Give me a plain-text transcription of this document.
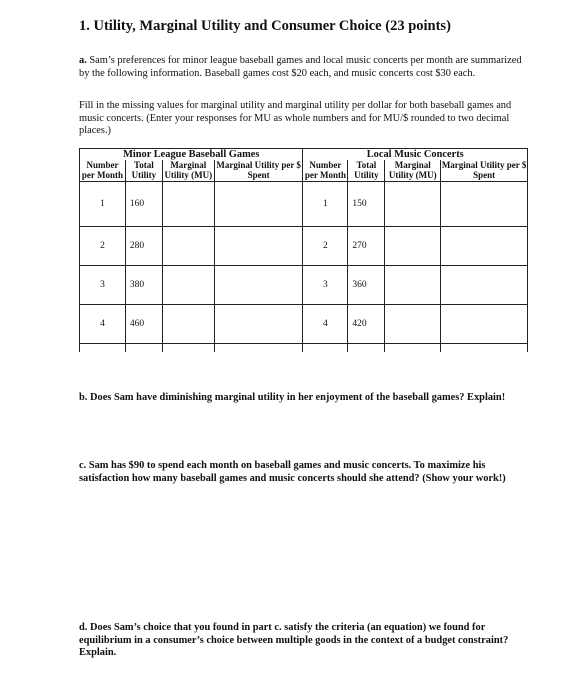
1. Utility, Marginal Utility and Consumer Choice (23 points)

a. Sam’s preferences for minor league baseball games and local music concerts per month are summarized by the following information. Baseball games cost $20 each, and music concerts cost $30 each.

Fill in the missing values for marginal utility and marginal utility per dollar for both baseball games and music concerts. (Enter your responses for MU as whole numbers and for MU/$ rounded to two decimal places.)

Minor League Baseball Games				Local Music Concerts			
Number per Month	Total Utility	Marginal Utility (MU)	Marginal Utility per $ Spent	Number per Month	Total Utility	Marginal Utility (MU)	Marginal Utility per $ Spent
1	160			1	150		
2	280			2	270		
3	380			3	360		
4	460			4	420		

b. Does Sam have diminishing marginal utility in her enjoyment of the baseball games? Explain!

c. Sam has $90 to spend each month on baseball games and music concerts. To maximize his satisfaction how many baseball games and music concerts should she attend? (Show your work!)

d. Does Sam’s choice that you found in part c. satisfy the criteria (an equation) we found for equilibrium in a consumer’s choice between multiple goods in the context of a budget constraint? Explain.
